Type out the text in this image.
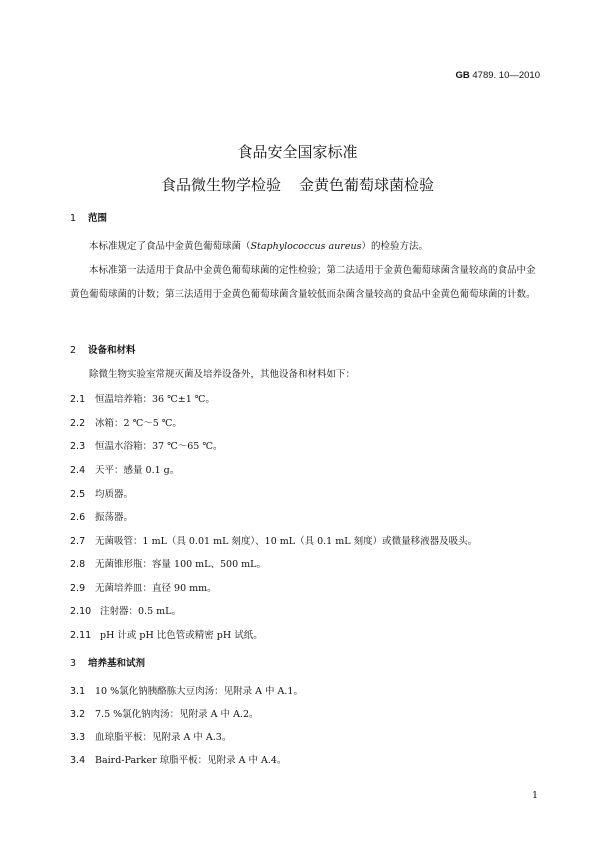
GB 4789. 10—2010
食品安全国家标准
食品微生物学检验 金黄色葡萄球菌检验
1 范围
本标准规定了食品中金黄色葡萄球菌（Staphylococcus aureus）的检验方法。
本标准第一法适用于食品中金黄色葡萄球菌的定性检验；第二法适用于金黄色葡萄球菌含量较高的食品中金黄色葡萄球菌的计数；第三法适用于金黄色葡萄球菌含量较低而杂菌含量较高的食品中金黄色葡萄球菌的计数。
2 设备和材料
除微生物实验室常规灭菌及培养设备外，其他设备和材料如下：
2.1 恒温培养箱：36 ℃±1 ℃。
2.2 冰箱：2 ℃～5 ℃。
2.3 恒温水浴箱：37 ℃～65 ℃。
2.4 天平：感量 0.1 g。
2.5 均质器。
2.6 振荡器。
2.7 无菌吸管：1 mL（具 0.01 mL 刻度）、10 mL（具 0.1 mL 刻度）或微量移液器及吸头。
2.8 无菌锥形瓶：容量 100 mL、500 mL。
2.9 无菌培养皿：直径 90 mm。
2.10 注射器：0.5 mL。
2.11 pH 计或 pH 比色管或精密 pH 试纸。
3 培养基和试剂
3.1 10 %氯化钠胰酪胨大豆肉汤：见附录 A 中 A.1。
3.2 7.5 %氯化钠肉汤：见附录 A 中 A.2。
3.3 血琼脂平板：见附录 A 中 A.3。
3.4 Baird-Parker 琼脂平板：见附录 A 中 A.4。
1
